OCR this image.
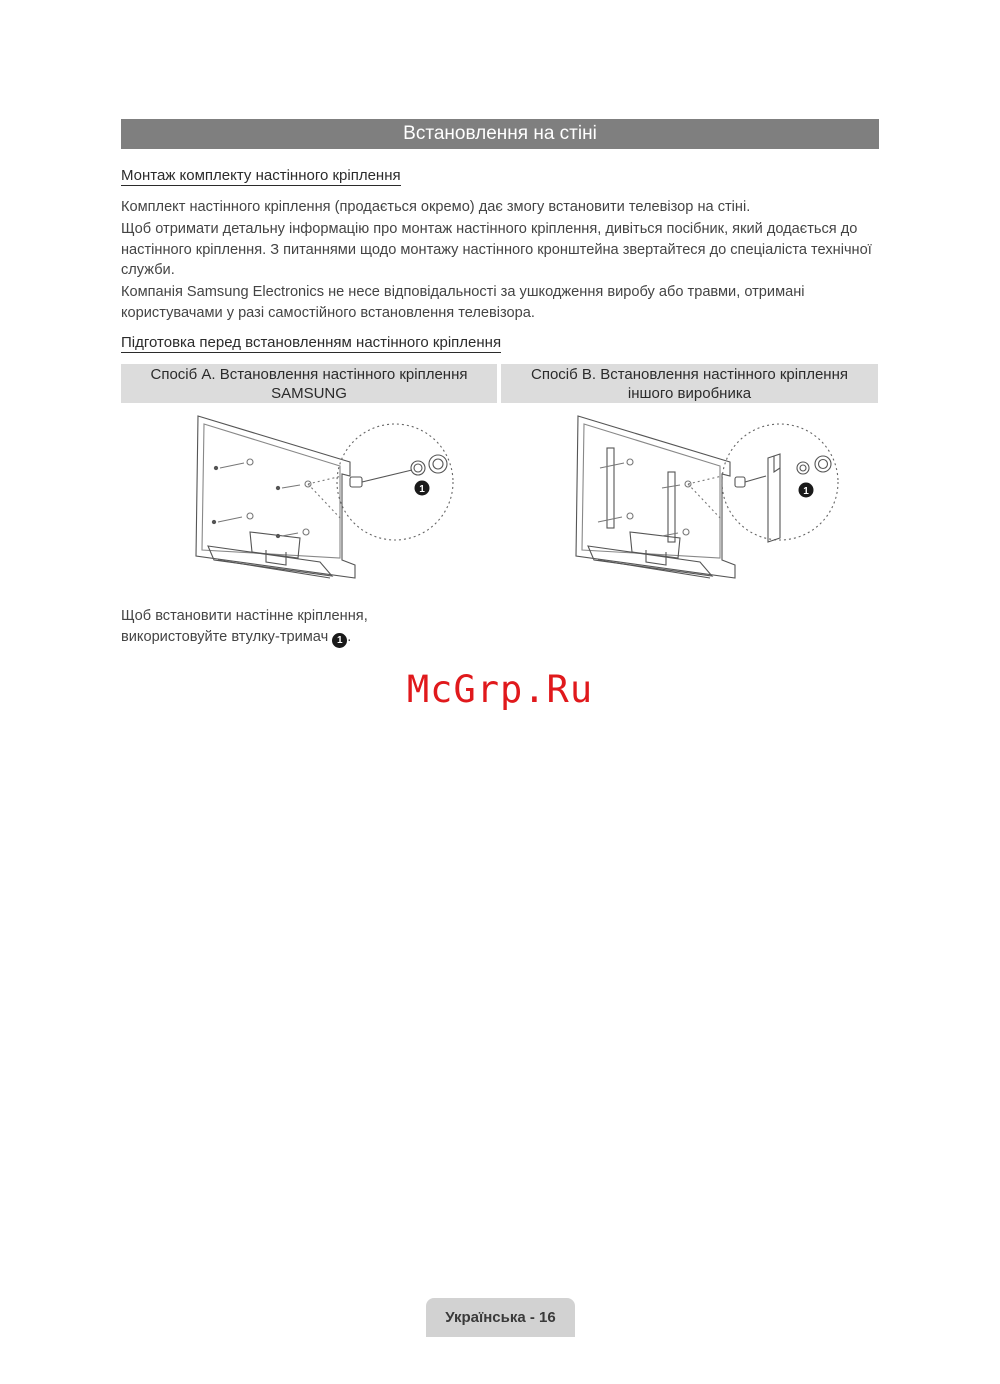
Встановлення на стіні
Монтаж комплекту настінного кріплення
Комплект настінного кріплення (продається окремо) дає змогу встановити телевізор на стіні.
Щоб отримати детальну інформацію про монтаж настінного кріплення, дивіться посібник, який додається до настінного кріплення. З питаннями щодо монтажу настінного кронштейна звертайтеся до спеціаліста технічної служби.
Компанія Samsung Electronics не несе відповідальності за ушкодження виробу або травми, отримані користувачами у разі самостійного встановлення телевізора.
Підготовка перед встановленням настінного кріплення
Спосіб A. Встановлення настінного кріплення
SAMSUNG
Спосіб B. Встановлення настінного кріплення
іншого виробника
1	1
Щоб встановити настінне кріплення,
використовуйте втулку-тримач 1 .
McGrp.Ru
Українська - 16
